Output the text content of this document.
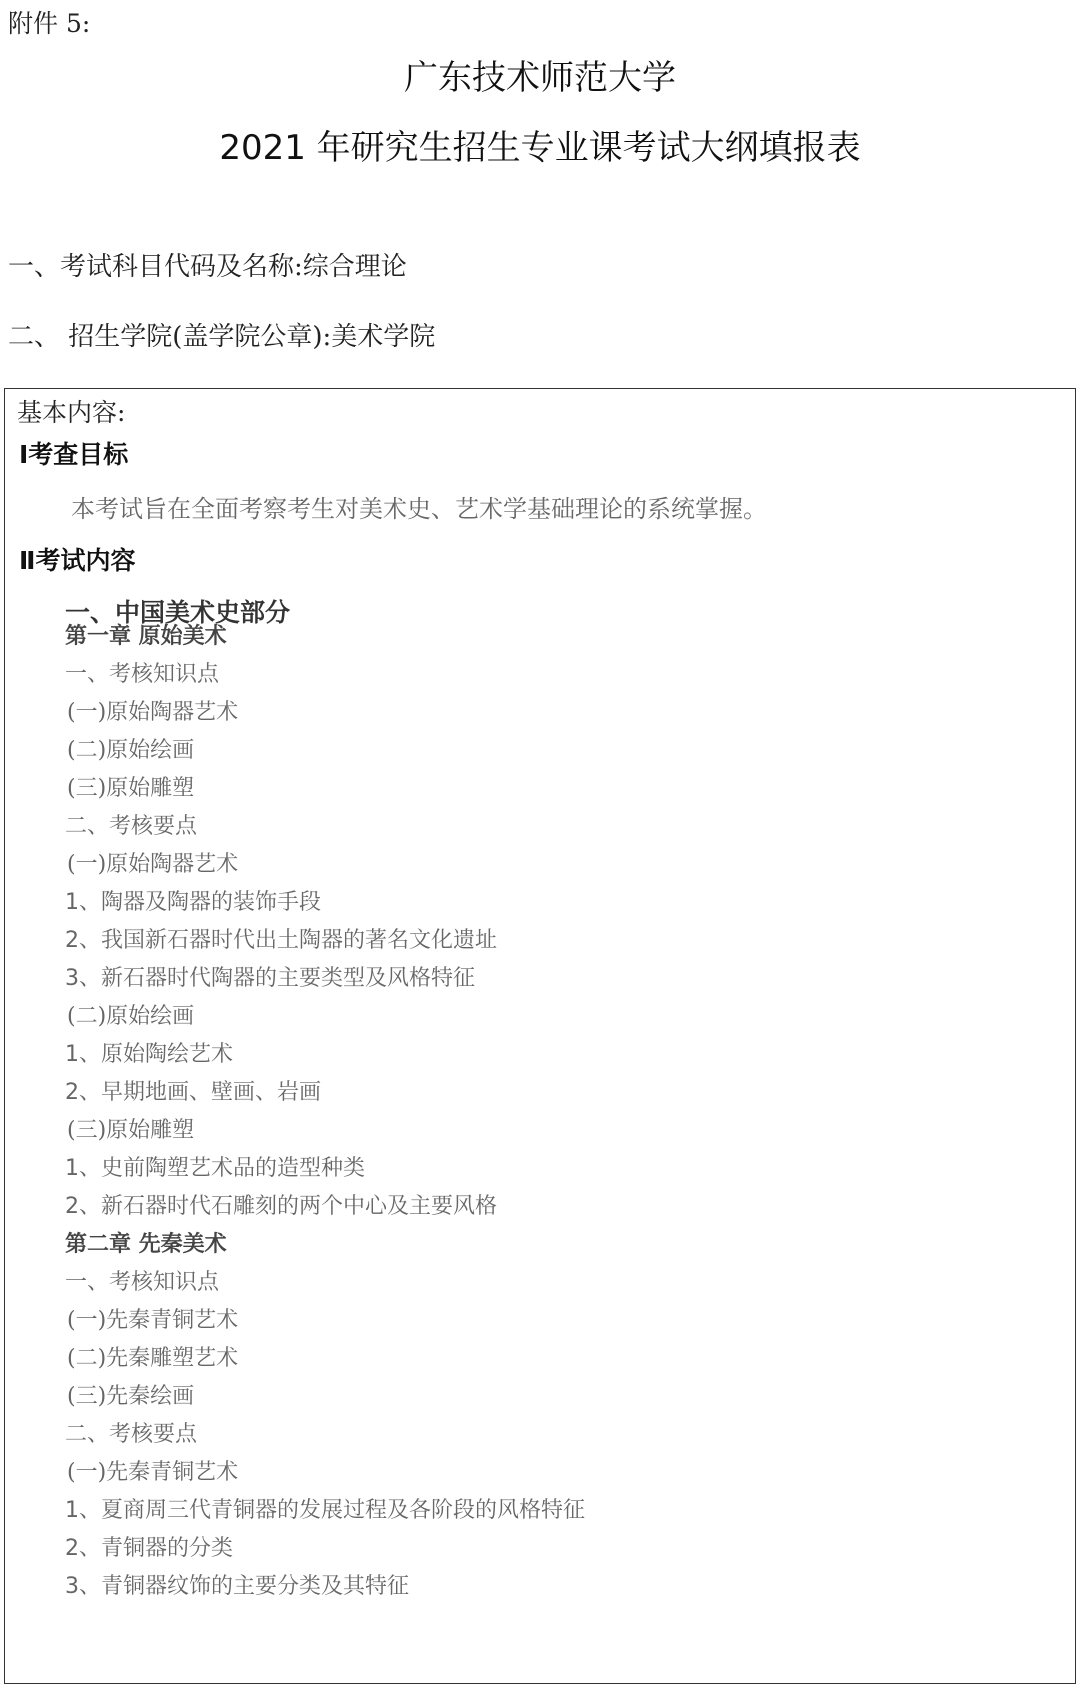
附件 5:
广东技术师范大学
2021 年研究生招生专业课考试大纲填报表
一、考试科目代码及名称:综合理论
二、 招生学院(盖学院公章):美术学院
基本内容:
Ⅰ考查目标
本考试旨在全面考察考生对美术史、艺术学基础理论的系统掌握。
Ⅱ考试内容
一、中国美术史部分
第一章 原始美术
一、考核知识点
(一)原始陶器艺术
(二)原始绘画
(三)原始雕塑
二、考核要点
(一)原始陶器艺术
1、陶器及陶器的装饰手段
2、我国新石器时代出土陶器的著名文化遗址
3、新石器时代陶器的主要类型及风格特征
(二)原始绘画
1、原始陶绘艺术
2、早期地画、壁画、岩画
(三)原始雕塑
1、史前陶塑艺术品的造型种类
2、新石器时代石雕刻的两个中心及主要风格
第二章 先秦美术
一、考核知识点
(一)先秦青铜艺术
(二)先秦雕塑艺术
(三)先秦绘画
二、考核要点
(一)先秦青铜艺术
1、夏商周三代青铜器的发展过程及各阶段的风格特征
2、青铜器的分类
3、青铜器纹饰的主要分类及其特征
